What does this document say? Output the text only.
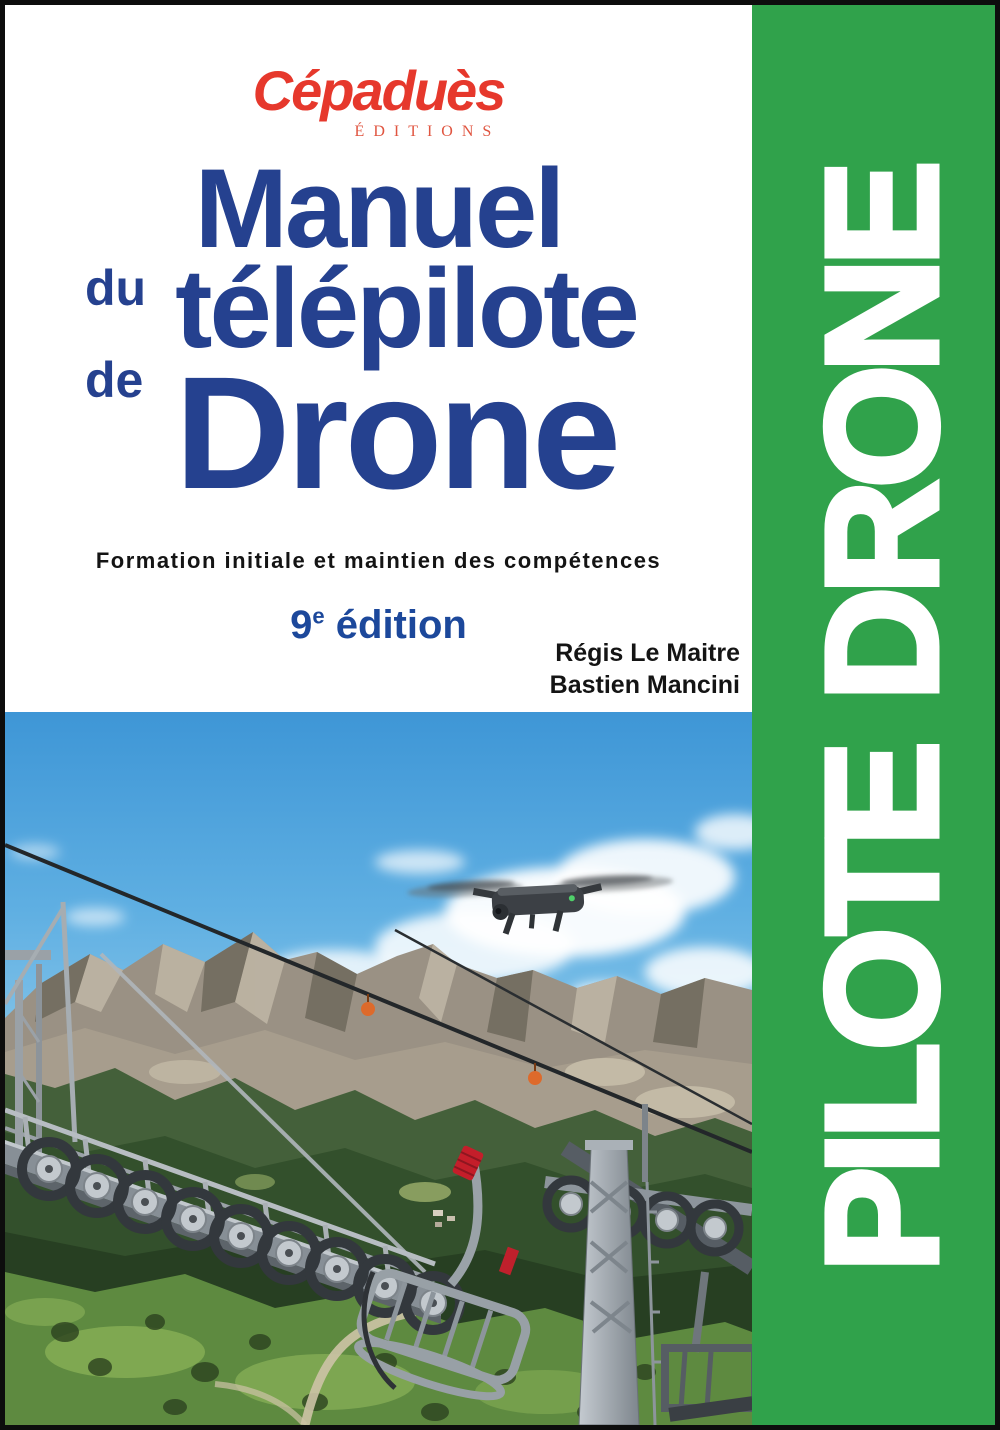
Cépaduès
ÉDITIONS
Manuel
du télépilote
de Drone
Formation initiale et maintien des compétences
9e édition
Régis Le Maitre
Bastien Mancini PILOTE DRONE
